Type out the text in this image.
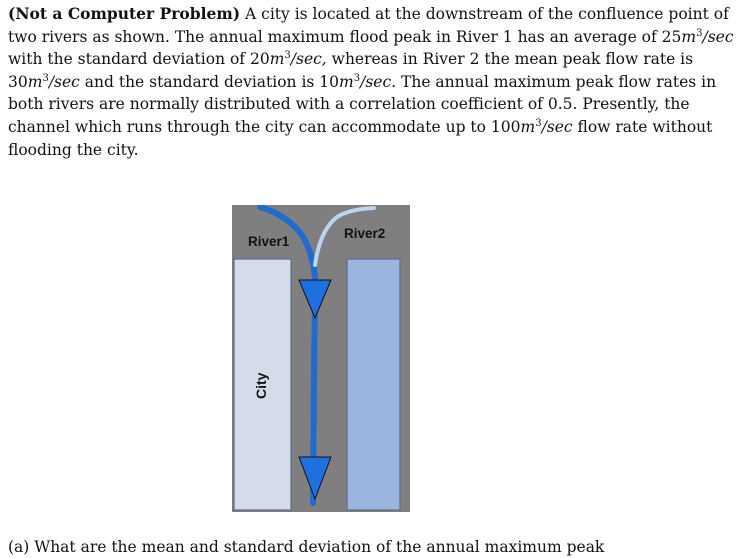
(Not a Computer Problem) A city is located at the downstream of the confluence point of two rivers as shown. The annual maximum flood peak in River 1 has an average of $25m^3/\sec$ with the standard deviation of $20m^3/\sec$, whereas in River 2 the mean peak flow rate is $30m^3/\sec$ and the standard deviation is $10m^3/\sec$. The annual maximum peak flow rates in both rivers are normally distributed with a correlation coefficient of 0.5. Presently, the channel which runs through the city can accommodate up to $100m^3/\sec$ flow rate without flooding the city.

River1
River2
City

(a) What are the mean and standard deviation of the annual maximum peak
